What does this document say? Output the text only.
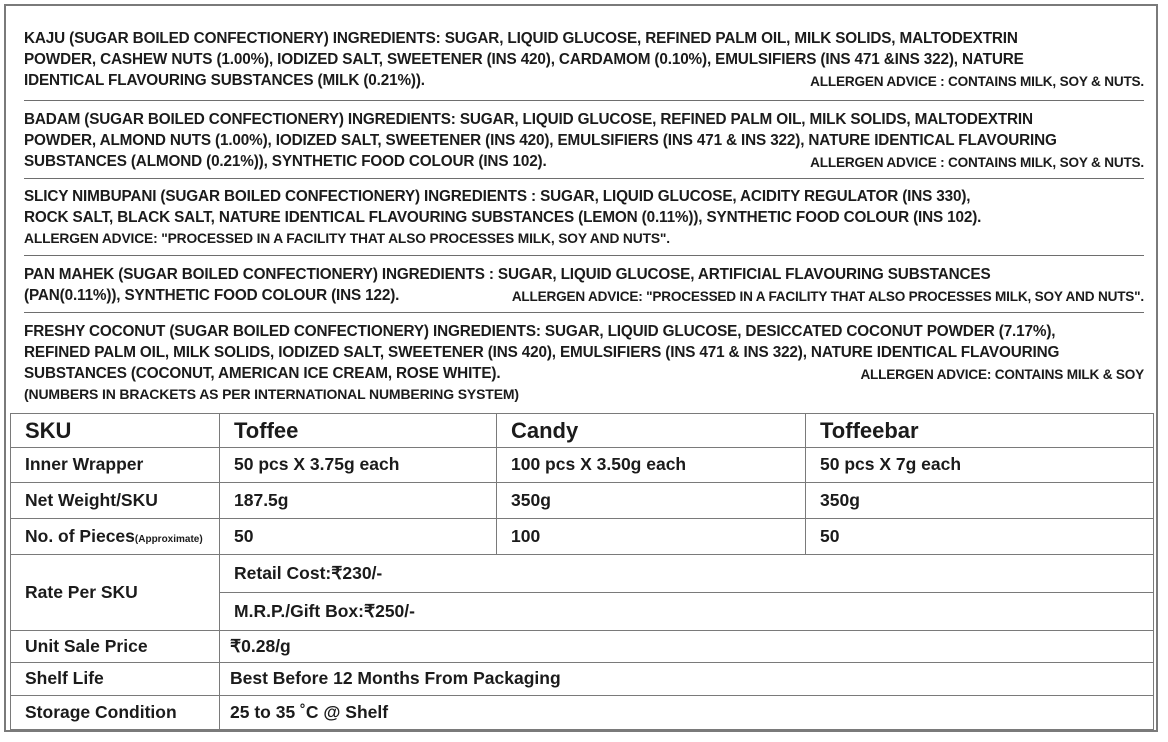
KAJU (SUGAR BOILED CONFECTIONERY) INGREDIENTS: SUGAR, LIQUID GLUCOSE, REFINED PALM OIL, MILK SOLIDS, MALTODEXTRIN
POWDER, CASHEW NUTS (1.00%), IODIZED SALT, SWEETENER (INS 420), CARDAMOM (0.10%), EMULSIFIERS (INS 471 &INS 322), NATURE
IDENTICAL FLAVOURING SUBSTANCES (MILK (0.21%)).	ALLERGEN ADVICE : CONTAINS MILK, SOY & NUTS.
BADAM (SUGAR BOILED CONFECTIONERY) INGREDIENTS: SUGAR, LIQUID GLUCOSE, REFINED PALM OIL, MILK SOLIDS, MALTODEXTRIN
POWDER, ALMOND NUTS (1.00%), IODIZED SALT, SWEETENER (INS 420), EMULSIFIERS (INS 471 & INS 322), NATURE IDENTICAL FLAVOURING
SUBSTANCES (ALMOND (0.21%)), SYNTHETIC FOOD COLOUR (INS 102).	ALLERGEN ADVICE : CONTAINS MILK, SOY & NUTS.
SLICY NIMBUPANI (SUGAR BOILED CONFECTIONERY) INGREDIENTS : SUGAR, LIQUID GLUCOSE, ACIDITY REGULATOR (INS 330),
ROCK SALT, BLACK SALT, NATURE IDENTICAL FLAVOURING SUBSTANCES (LEMON (0.11%)), SYNTHETIC FOOD COLOUR (INS 102).
ALLERGEN ADVICE: "PROCESSED IN A FACILITY THAT ALSO PROCESSES MILK, SOY AND NUTS".
PAN MAHEK (SUGAR BOILED CONFECTIONERY) INGREDIENTS : SUGAR, LIQUID GLUCOSE, ARTIFICIAL FLAVOURING SUBSTANCES
(PAN(0.11%)), SYNTHETIC FOOD COLOUR (INS 122).	ALLERGEN ADVICE: "PROCESSED IN A FACILITY THAT ALSO PROCESSES MILK, SOY AND NUTS".
FRESHY COCONUT (SUGAR BOILED CONFECTIONERY) INGREDIENTS: SUGAR, LIQUID GLUCOSE, DESICCATED COCONUT POWDER (7.17%),
REFINED PALM OIL, MILK SOLIDS, IODIZED SALT, SWEETENER (INS 420), EMULSIFIERS (INS 471 & INS 322), NATURE IDENTICAL FLAVOURING
SUBSTANCES (COCONUT, AMERICAN ICE CREAM, ROSE WHITE).	ALLERGEN ADVICE: CONTAINS MILK & SOY
(NUMBERS IN BRACKETS AS PER INTERNATIONAL NUMBERING SYSTEM)
SKU	Toffee	Candy	Toffeebar
Inner Wrapper	50 pcs X 3.75g each	100 pcs X 3.50g each	50 pcs X 7g each
Net Weight/SKU	187.5g	350g	350g
No. of Pieces(Approximate)	50	100	50
Rate Per SKU	Retail Cost:₹230/-		
	M.R.P./Gift Box:₹250/-		
Unit Sale Price	₹0.28/g		
Shelf Life	Best Before 12 Months From Packaging		
Storage Condition	25 to 35 ˚C @ Shelf		
